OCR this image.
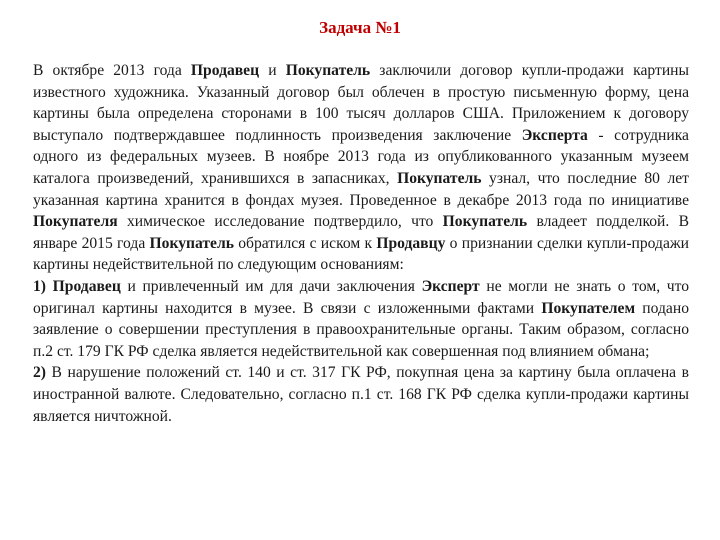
Задача №1

В октябре 2013 года Продавец и Покупатель заключили договор купли-продажи картины известного художника. Указанный договор был облечен в простую письменную форму, цена картины была определена сторонами в 100 тысяч долларов США. Приложением к договору выступало подтверждавшее подлинность произведения заключение Эксперта - сотрудника одного из федеральных музеев. В ноябре 2013 года из опубликованного указанным музеем каталога произведений, хранившихся в запасниках, Покупатель узнал, что последние 80 лет указанная картина хранится в фондах музея. Проведенное в декабре 2013 года по инициативе Покупателя химическое исследование подтвердило, что Покупатель владеет подделкой. В январе 2015 года Покупатель обратился с иском к Продавцу о признании сделки купли-продажи картины недействительной по следующим основаниям:

1) Продавец и привлеченный им для дачи заключения Эксперт не могли не знать о том, что оригинал картины находится в музее. В связи с изложенными фактами Покупателем подано заявление о совершении преступления в правоохранительные органы. Таким образом, согласно п.2 ст. 179 ГК РФ сделка является недействительной как совершенная под влиянием обмана;

2) В нарушение положений ст. 140 и ст. 317 ГК РФ, покупная цена за картину была оплачена в иностранной валюте. Следовательно, согласно п.1 ст. 168 ГК РФ сделка купли-продажи картины является ничтожной.
